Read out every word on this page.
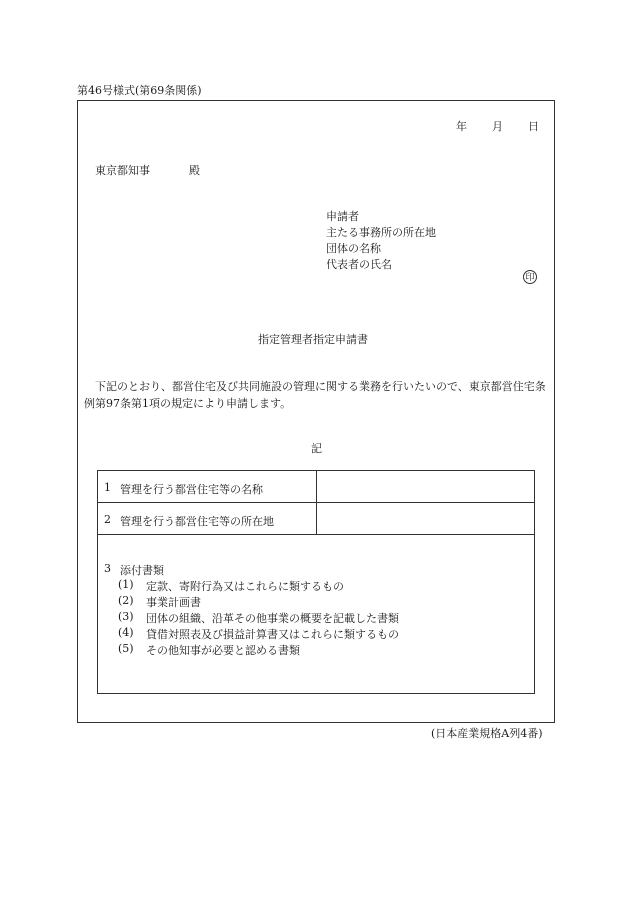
第46号様式(第69条関係)
年 月 日
東京都知事	殿
申請者
主たる事務所の所在地
団体の名称
代表者の氏名
印
指定管理者指定申請書
下記のとおり、都営住宅及び共同施設の管理に関する業務を行いたいので、東京都営住宅条例第97条第1項の規定により申請します。
記
1 管理を行う都営住宅等の名称
2 管理を行う都営住宅等の所在地
3 添付書類
(1) 定款、寄附行為又はこれらに類するもの
(2) 事業計画書
(3) 団体の組織、沿革その他事業の概要を記載した書類
(4) 貸借対照表及び損益計算書又はこれらに類するもの
(5) その他知事が必要と認める書類
(日本産業規格A列4番)
